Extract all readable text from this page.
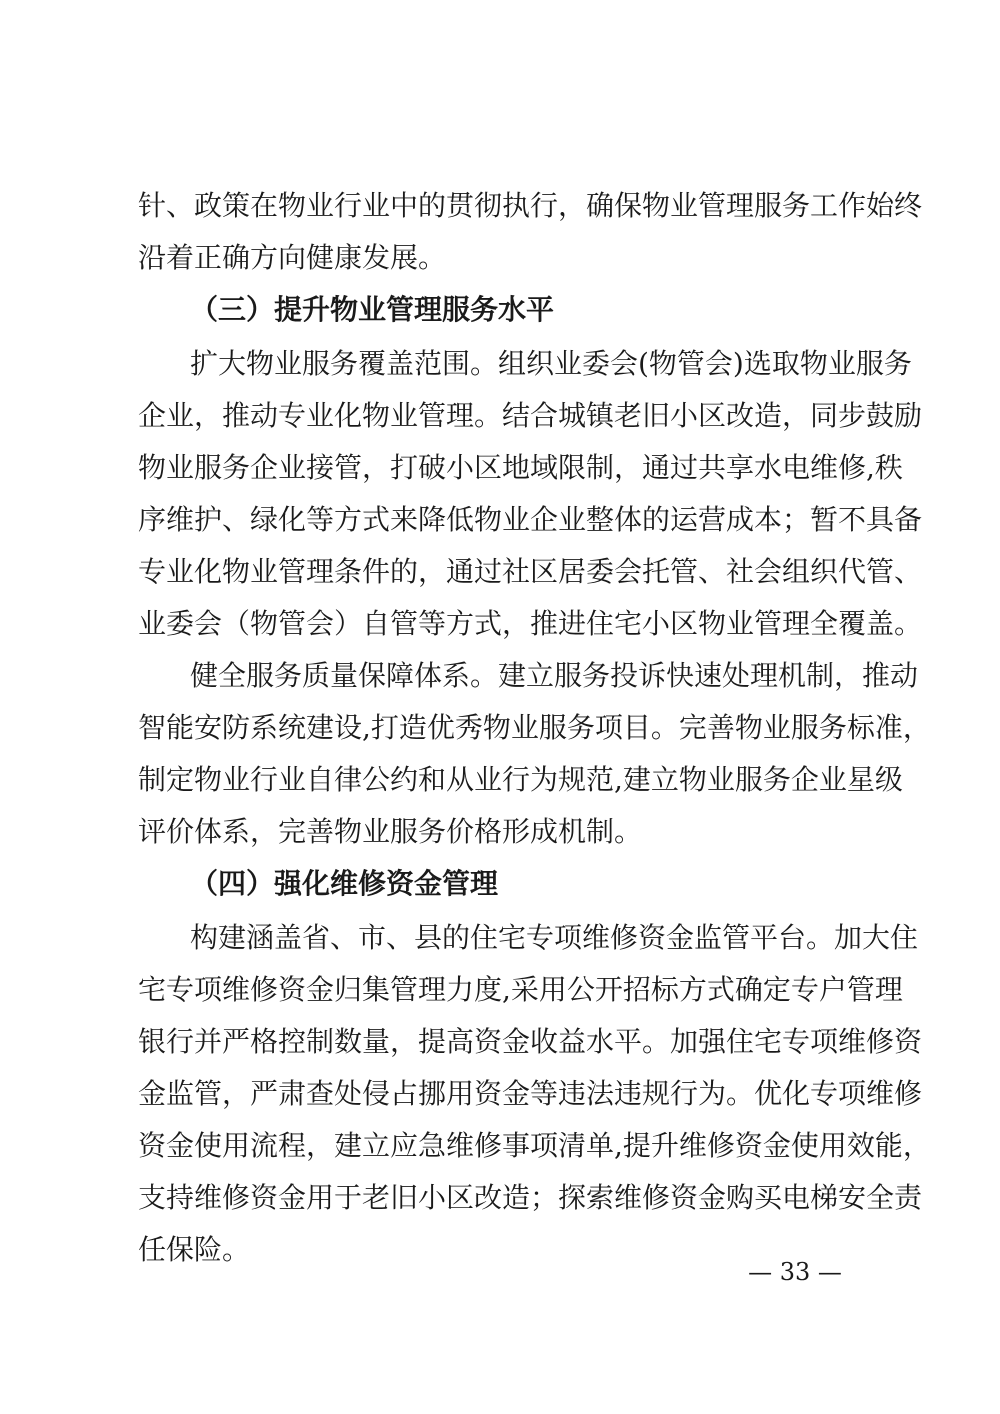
针、政策在物业行业中的贯彻执行，确保物业管理服务工作始终
沿着正确方向健康发展。
（三）提升物业管理服务水平
扩大物业服务覆盖范围。组织业委会(物管会)选取物业服务
企业，推动专业化物业管理。结合城镇老旧小区改造，同步鼓励
物业服务企业接管，打破小区地域限制，通过共享水电维修,秩
序维护、绿化等方式来降低物业企业整体的运营成本；暂不具备
专业化物业管理条件的，通过社区居委会托管、社会组织代管、
业委会（物管会）自管等方式，推进住宅小区物业管理全覆盖。
健全服务质量保障体系。建立服务投诉快速处理机制，推动
智能安防系统建设,打造优秀物业服务项目。完善物业服务标准，
制定物业行业自律公约和从业行为规范,建立物业服务企业星级
评价体系，完善物业服务价格形成机制。
（四）强化维修资金管理
构建涵盖省、市、县的住宅专项维修资金监管平台。加大住
宅专项维修资金归集管理力度,采用公开招标方式确定专户管理
银行并严格控制数量，提高资金收益水平。加强住宅专项维修资
金监管，严肃查处侵占挪用资金等违法违规行为。优化专项维修
资金使用流程，建立应急维修事项清单,提升维修资金使用效能，
支持维修资金用于老旧小区改造；探索维修资金购买电梯安全责
任保险。
— 33 —
